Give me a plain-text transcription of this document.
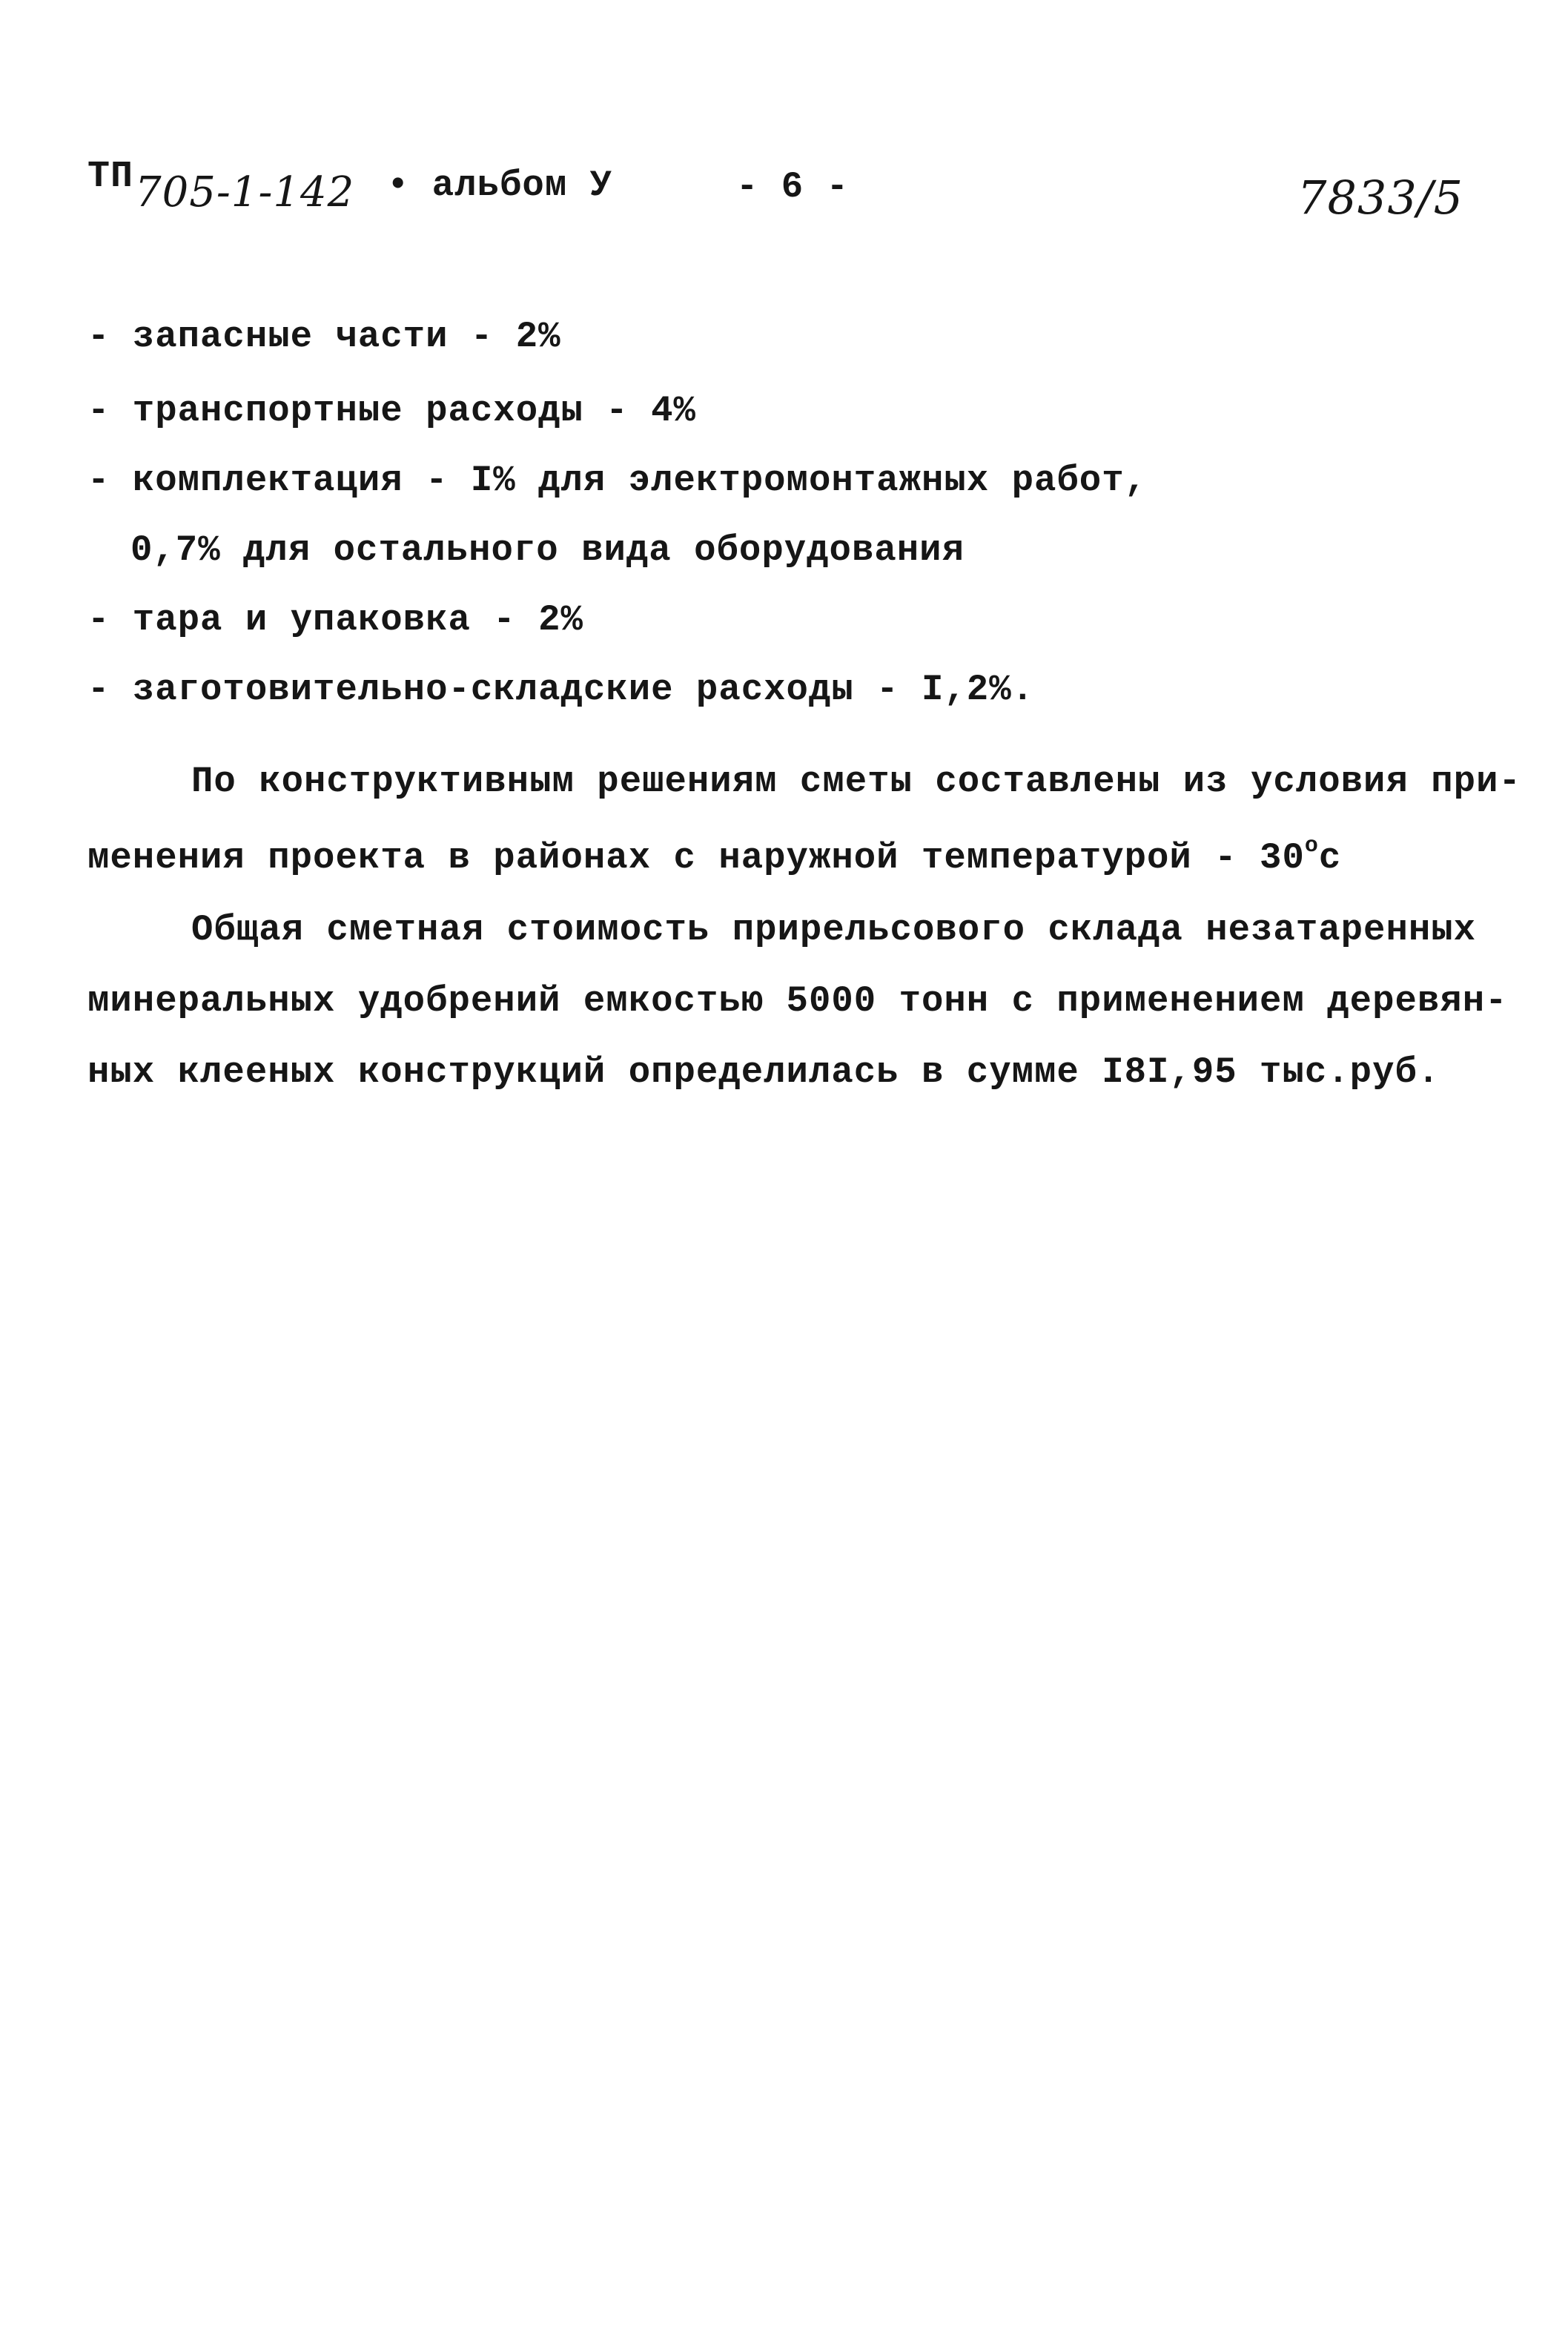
ТП 705-1-142 • альбом У	- 6 -	7833/5
- запасные части - 2%
- транспортные расходы - 4%
- комплектация - I% для электромонтажных работ,
0,7% для остального вида оборудования
- тара и упаковка - 2%
- заготовительно-складские расходы - I,2%.
По конструктивным решениям сметы составлены из условия при-
менения проекта в районах с наружной температурой - $30^ос$
Общая сметная стоимость прирельсового склада незатаренных
минеральных удобрений емкостью 5000 тонн с применением деревян-
ных клееных конструкций определилась в сумме I8I,95 тыс.руб.
